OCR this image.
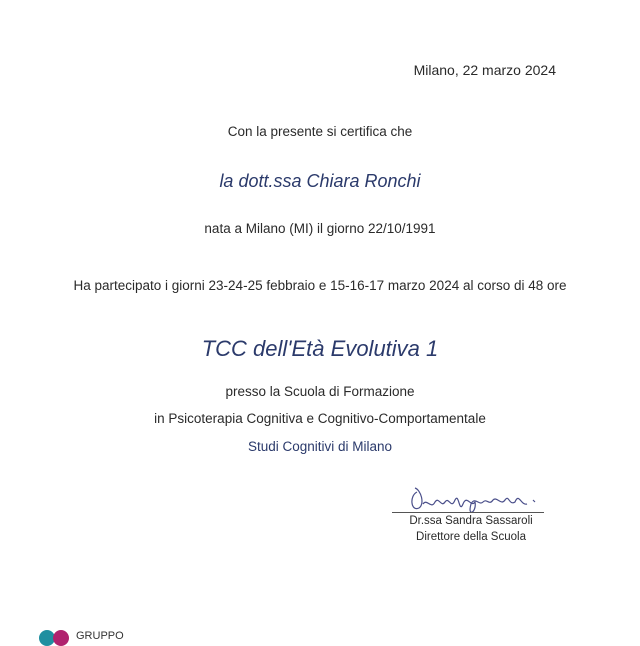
Milano, 22 marzo 2024
Con la presente si certifica che
la dott.ssa Chiara Ronchi
nata a Milano (MI) il giorno 22/10/1991
Ha partecipato i giorni 23-24-25 febbraio e 15-16-17 marzo 2024 al corso di 48 ore
TCC dell'Età Evolutiva 1
presso la Scuola di Formazione
in Psicoterapia Cognitiva e Cognitivo-Comportamentale
Studi Cognitivi di Milano
Dr.ssa Sandra Sassaroli
Direttore della Scuola
GRUPPO
